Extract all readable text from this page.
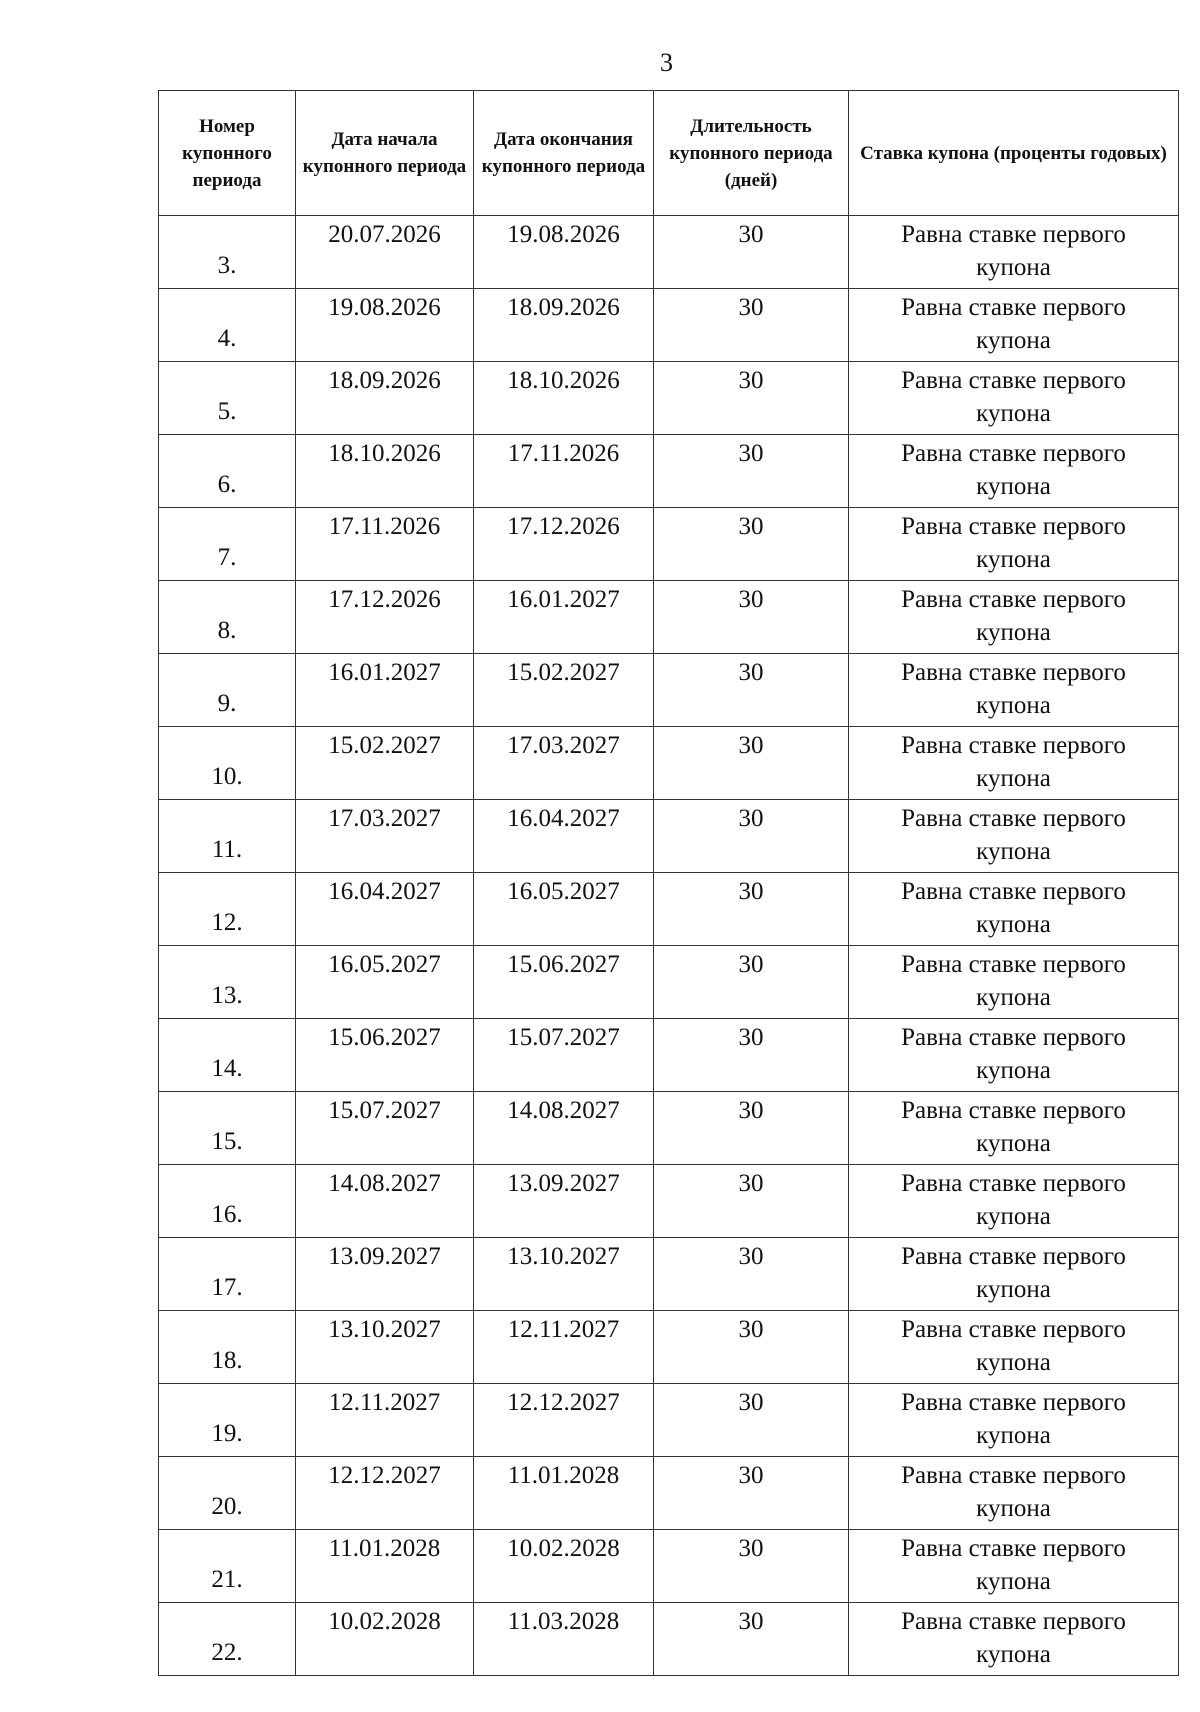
3
Номер купонного периода	Дата начала купонного периода	Дата окончания купонного периода	Длительность купонного периода (дней)	Ставка купона (проценты годовых)
3.	20.07.2026	19.08.2026	30	Равна ставке первого купона
4.	19.08.2026	18.09.2026	30	Равна ставке первого купона
5.	18.09.2026	18.10.2026	30	Равна ставке первого купона
6.	18.10.2026	17.11.2026	30	Равна ставке первого купона
7.	17.11.2026	17.12.2026	30	Равна ставке первого купона
8.	17.12.2026	16.01.2027	30	Равна ставке первого купона
9.	16.01.2027	15.02.2027	30	Равна ставке первого купона
10.	15.02.2027	17.03.2027	30	Равна ставке первого купона
11.	17.03.2027	16.04.2027	30	Равна ставке первого купона
12.	16.04.2027	16.05.2027	30	Равна ставке первого купона
13.	16.05.2027	15.06.2027	30	Равна ставке первого купона
14.	15.06.2027	15.07.2027	30	Равна ставке первого купона
15.	15.07.2027	14.08.2027	30	Равна ставке первого купона
16.	14.08.2027	13.09.2027	30	Равна ставке первого купона
17.	13.09.2027	13.10.2027	30	Равна ставке первого купона
18.	13.10.2027	12.11.2027	30	Равна ставке первого купона
19.	12.11.2027	12.12.2027	30	Равна ставке первого купона
20.	12.12.2027	11.01.2028	30	Равна ставке первого купона
21.	11.01.2028	10.02.2028	30	Равна ставке первого купона
22.	10.02.2028	11.03.2028	30	Равна ставке первого купона
